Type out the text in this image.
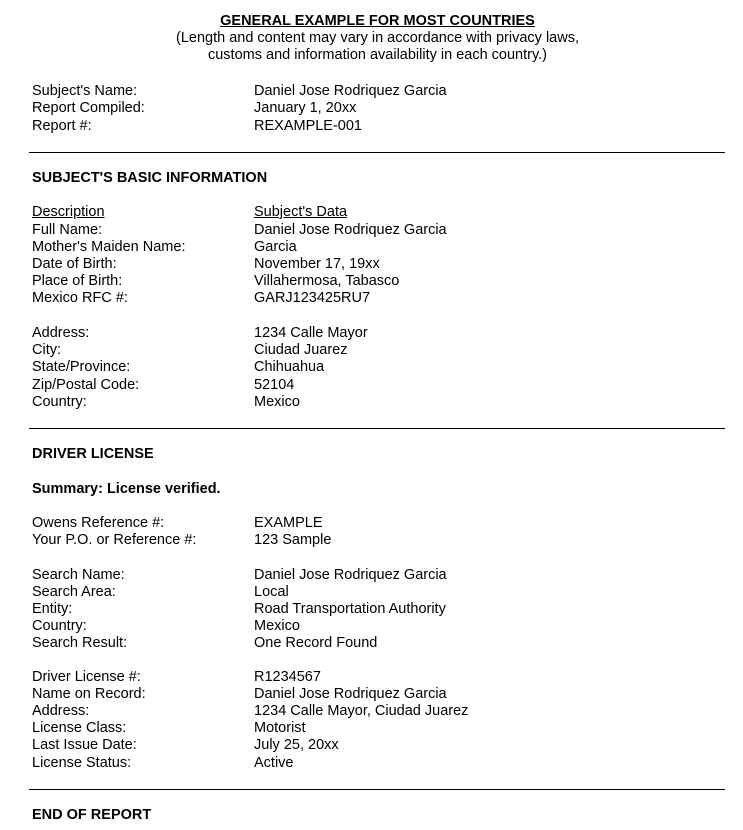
GENERAL EXAMPLE FOR MOST COUNTRIES
(Length and content may vary in accordance with privacy laws,
customs and information availability in each country.)
Subject's Name:	Daniel Jose Rodriquez Garcia
Report Compiled:	January 1, 20xx
Report #:	REXAMPLE-001
SUBJECT'S BASIC INFORMATION
Description	Subject's Data
Full Name:	Daniel Jose Rodriquez Garcia
Mother's Maiden Name:	Garcia
Date of Birth:	November 17, 19xx
Place of Birth:	Villahermosa, Tabasco
Mexico RFC #:	GARJ123425RU7
Address:	1234 Calle Mayor
City:	Ciudad Juarez
State/Province:	Chihuahua
Zip/Postal Code:	52104
Country:	Mexico
DRIVER LICENSE
Summary: License verified.
Owens Reference #:	EXAMPLE
Your P.O. or Reference #:	123 Sample
Search Name:	Daniel Jose Rodriquez Garcia
Search Area:	Local
Entity:	Road Transportation Authority
Country:	Mexico
Search Result:	One Record Found
Driver License #:	R1234567
Name on Record:	Daniel Jose Rodriquez Garcia
Address:	1234 Calle Mayor, Ciudad Juarez
License Class:	Motorist
Last Issue Date:	July 25, 20xx
License Status:	Active
END OF REPORT
